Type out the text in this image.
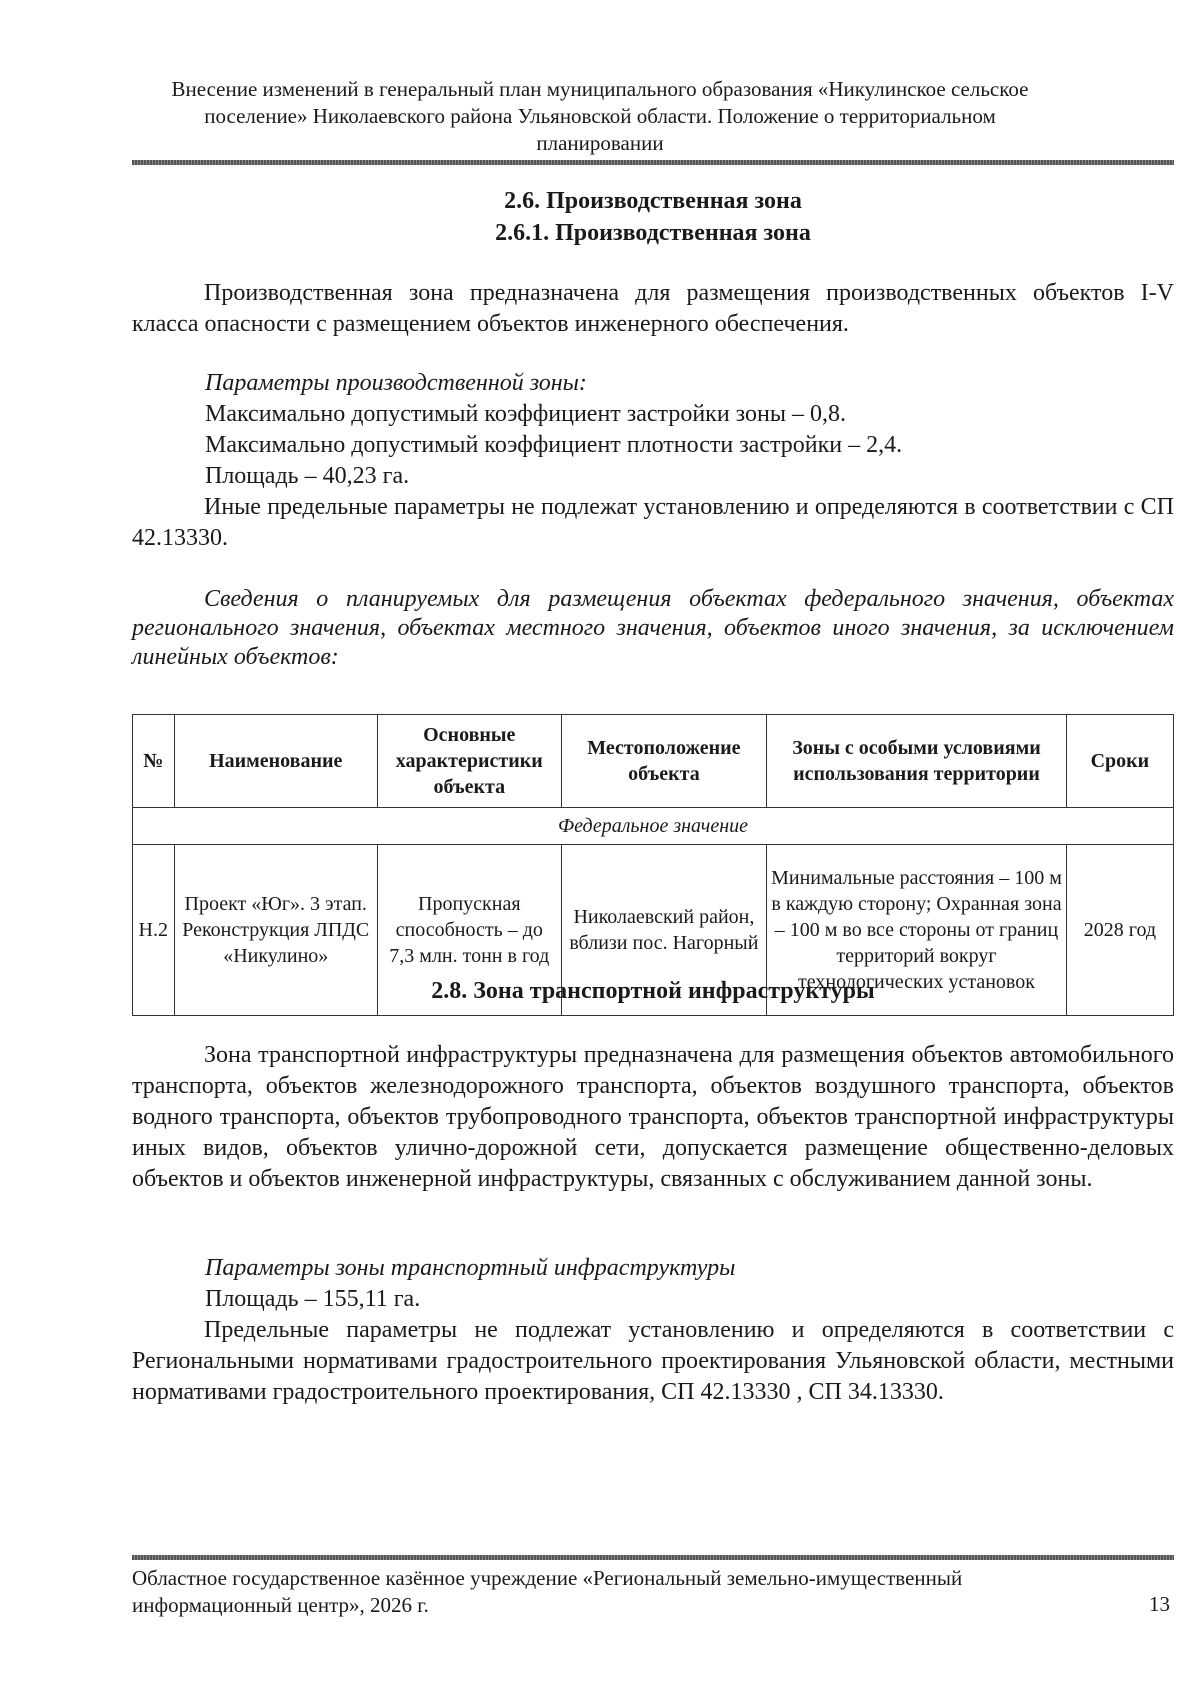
Внесение изменений в генеральный план муниципального образования «Никулинское сельское
поселение» Николаевского района Ульяновской области. Положение о территориальном
планировании
2.6. Производственная зона
2.6.1. Производственная зона
Производственная зона предназначена для размещения производственных объектов I-V класса опасности с размещением объектов инженерного обеспечения.
Параметры производственной зоны:
Максимально допустимый коэффициент застройки зоны – 0,8.
Максимально допустимый коэффициент плотности застройки – 2,4.
Площадь – 40,23 га.
Иные предельные параметры не подлежат установлению и определяются в соответствии с СП 42.13330.
Сведения о планируемых для размещения объектах федерального значения, объектах регионального значения, объектах местного значения, объектов иного значения, за исключением линейных объектов:
№	Наименование	Основные характеристики объекта	Местоположение объекта	Зоны с особыми условиями использования территории	Сроки
Федеральное значение					
Н.2	Проект «Юг». 3 этап. Реконструкция ЛПДС «Никулино»	Пропускная способность – до 7,3 млн. тонн в год	Николаевский район, вблизи пос. Нагорный	Минимальные расстояния – 100 м в каждую сторону; Охранная зона – 100 м во все стороны от границ территорий вокруг технологических установок	2028 год
2.8. Зона транспортной инфраструктуры
Зона транспортной инфраструктуры предназначена для размещения объектов автомобильного транспорта, объектов железнодорожного транспорта, объектов воздушного транспорта, объектов водного транспорта, объектов трубопроводного транспорта, объектов транспортной инфраструктуры иных видов, объектов улично-дорожной сети, допускается размещение общественно-деловых объектов и объектов инженерной инфраструктуры, связанных с обслуживанием данной зоны.
Параметры зоны транспортный инфраструктуры
Площадь – 155,11 га.
Предельные параметры не подлежат установлению и определяются в соответствии с Региональными нормативами градостроительного проектирования Ульяновской области, местными нормативами градостроительного проектирования, СП 42.13330 , СП 34.13330.
Областное государственное казённое учреждение «Региональный земельно-имущественный
информационный центр», 2026 г.	13
